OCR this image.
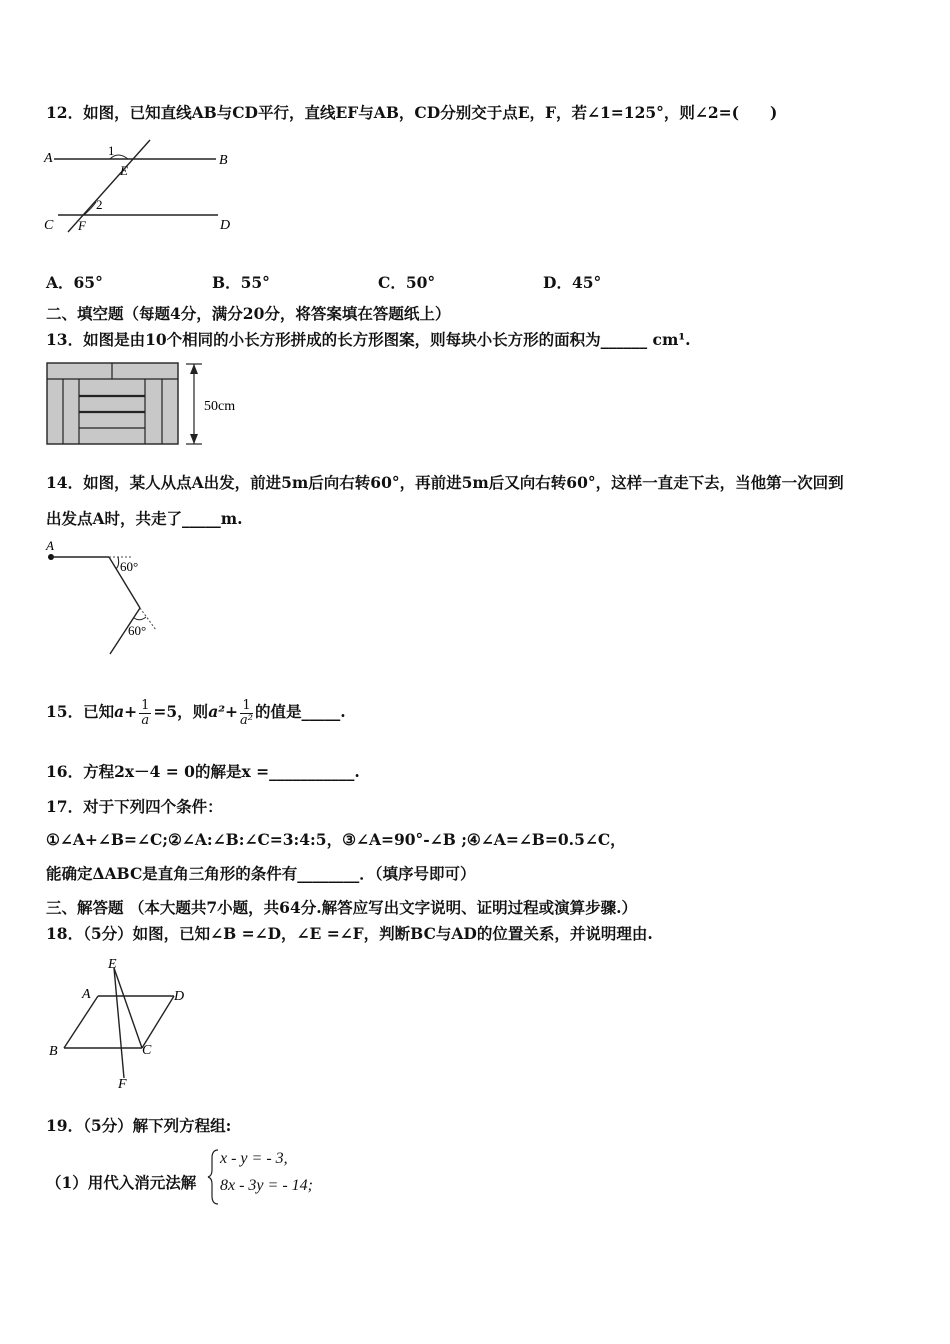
12．如图，已知直线AB与CD平行，直线EF与AB，CD分别交于点E，F，若∠1=125°，则∠2=(　　)
A	B
C	D
E
F
1
2
A．65°	B．55°	C．50°	D．45°
二、填空题（每题4分，满分20分，将答案填在答题纸上）
13．如图是由10个相同的小长方形拼成的长方形图案，则每块小长方形的面积为______ cm¹.
50cm
14．如图，某人从点A出发，前进5m后向右转60°，再前进5m后又向右转60°，这样一直走下去，当他第一次回到
出发点A时，共走了_____m.
A
60°
60°
15．已知$a+ \frac{1}{a} =5$，则$a^2+ \frac{1}{\text{a²}}$ 的值是_____.
16．方程2x－4 = 0的解是x =___________.
17．对于下列四个条件：
①∠A+∠B=∠C;②∠A:∠B:∠C=3:4:5，③∠A=90°-∠B ;④∠A=∠B=0.5∠C，
能确定ΔABC是直角三角形的条件有________．（填序号即可）
三、解答题 （本大题共7小题，共64分.解答应写出文字说明、证明过程或演算步骤.）
18．（5分）如图，已知∠B =∠D，∠E =∠F，判断BC与AD的位置关系，并说明理由.
E
A	D
B	C
F
19．（5分）解下列方程组:
（1）用代入消元法解
x - y = - 3,
8x - 3y = - 14;
